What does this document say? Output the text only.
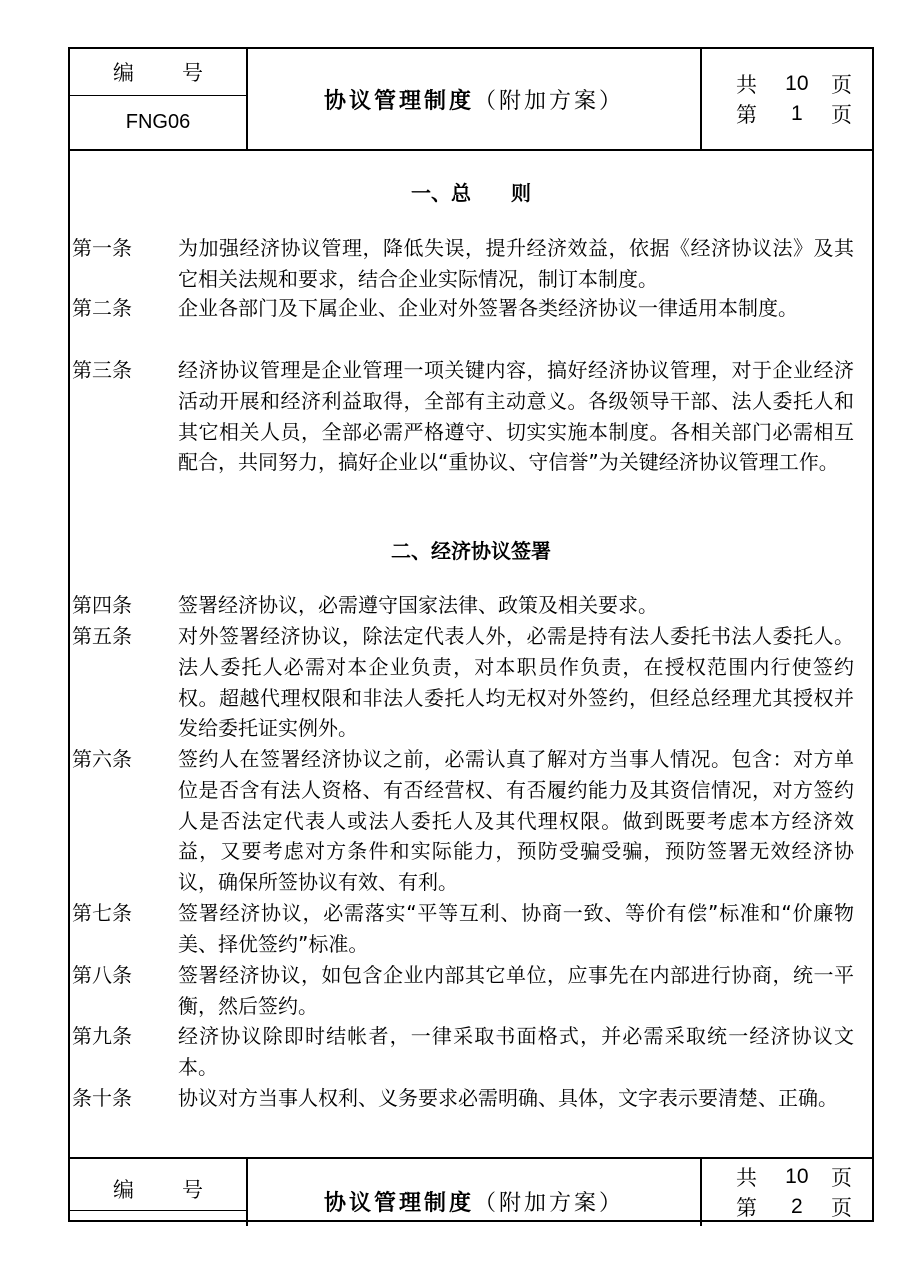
编 号
FNG06
协议管理制度 （附加方案）
共	10	页
第	1	页
一、总　　则
第一条	为加强经济协议管理，降低失误，提升经济效益，依据《经济协议法》及其它相关法规和要求，结合企业实际情况，制订本制度。
第二条	企业各部门及下属企业、企业对外签署各类经济协议一律适用本制度。
第三条	经济协议管理是企业管理一项关键内容，搞好经济协议管理，对于企业经济活动开展和经济利益取得，全部有主动意义。各级领导干部、法人委托人和其它相关人员，全部必需严格遵守、切实实施本制度。各相关部门必需相互配合，共同努力，搞好企业以“重协议、守信誉”为关键经济协议管理工作。
二、经济协议签署
第四条	签署经济协议，必需遵守国家法律、政策及相关要求。
第五条	对外签署经济协议，除法定代表人外，必需是持有法人委托书法人委托人。法人委托人必需对本企业负责，对本职员作负责，在授权范围内行使签约权。超越代理权限和非法人委托人均无权对外签约，但经总经理尤其授权并发给委托证实例外。
第六条	签约人在签署经济协议之前，必需认真了解对方当事人情况。包含：对方单位是否含有法人资格、有否经营权、有否履约能力及其资信情况，对方签约人是否法定代表人或法人委托人及其代理权限。做到既要考虑本方经济效益，又要考虑对方条件和实际能力，预防受骗受骗，预防签署无效经济协议，确保所签协议有效、有利。
第七条	签署经济协议，必需落实“平等互利、协商一致、等价有偿”标准和“价廉物美、择优签约”标准。
第八条	签署经济协议，如包含企业内部其它单位，应事先在内部进行协商，统一平衡，然后签约。
第九条	经济协议除即时结帐者，一律采取书面格式，并必需采取统一经济协议文本。
条十条	协议对方当事人权利、义务要求必需明确、具体，文字表示要清楚、正确。
编 号
协议管理制度 （附加方案）
共	10	页
第	2	页
